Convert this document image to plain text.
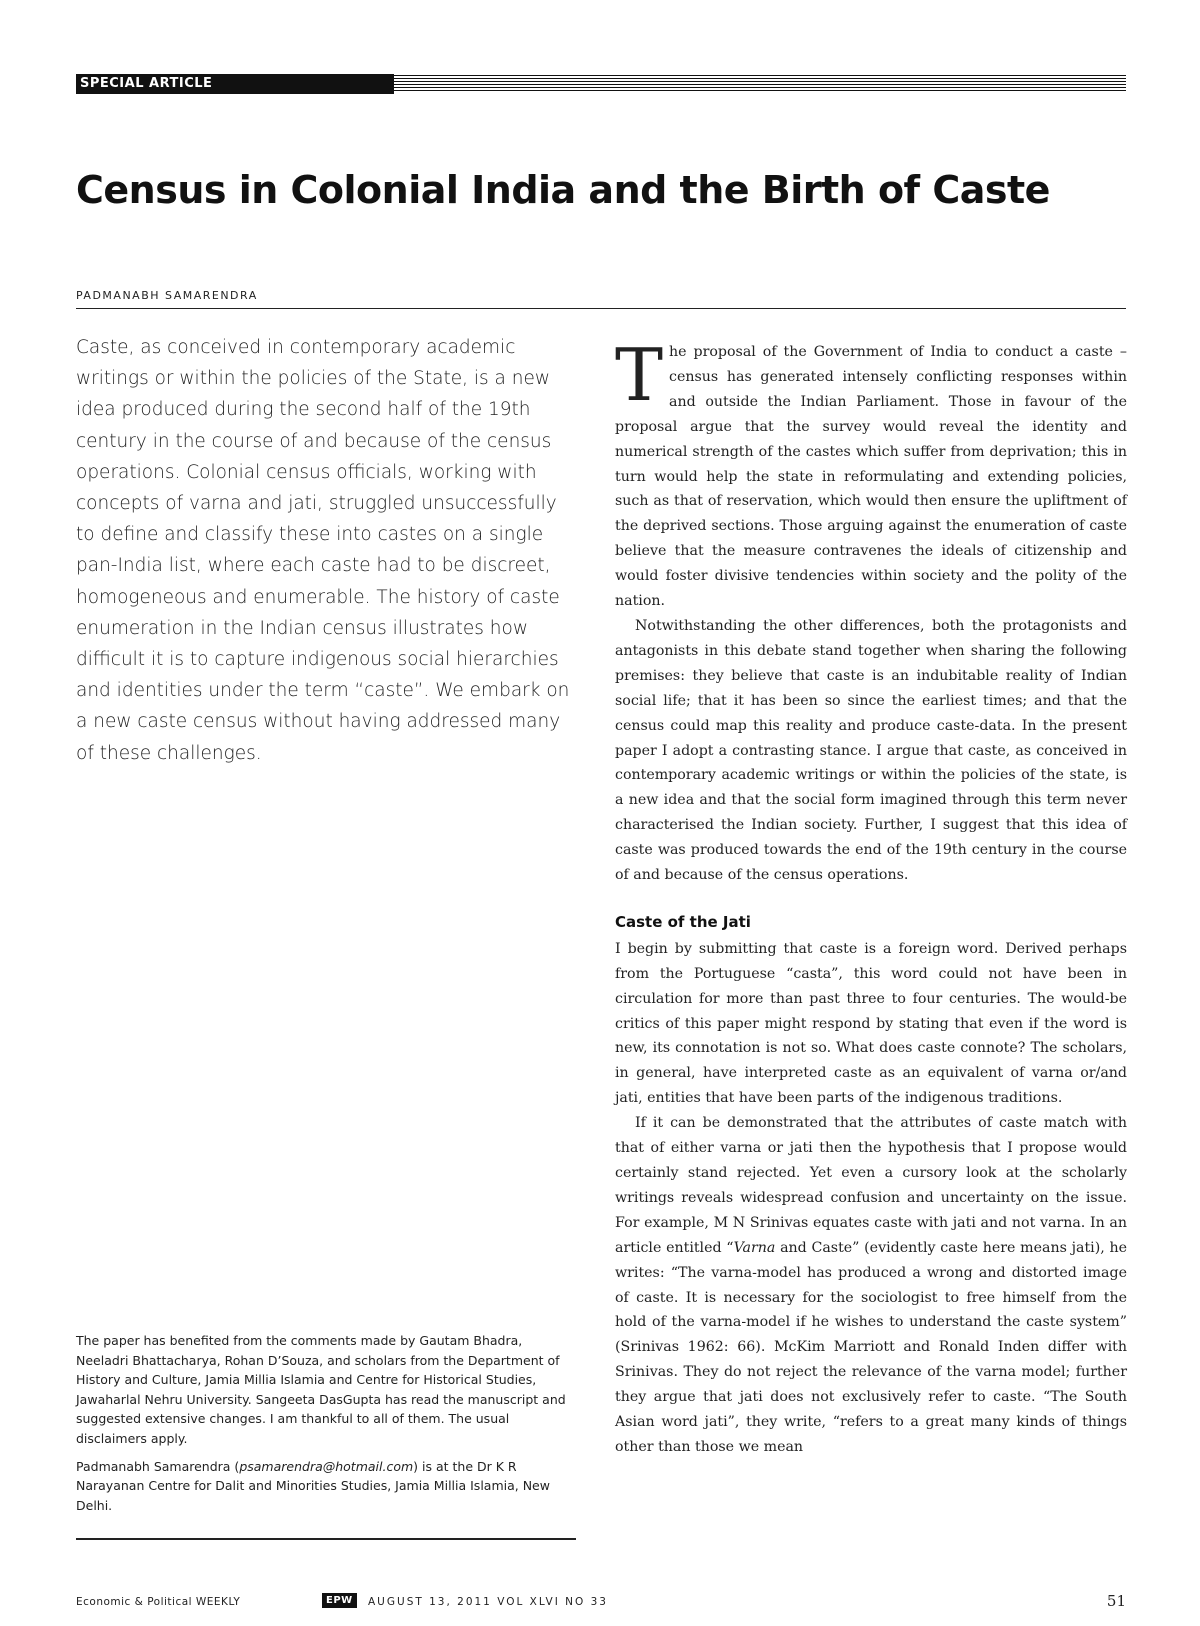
SPECIAL ARTICLE
Census in Colonial India and the Birth of Caste
PADMANABH SAMARENDRA

Caste, as conceived in contemporary academic writings or within the policies of the State, is a new idea produced during the second half of the 19th century in the course of and because of the census operations. Colonial census officials, working with concepts of varna and jati, struggled unsuccessfully to define and classify these into castes on a single pan-India list, where each caste had to be discreet, homogeneous and enumerable. The history of caste enumeration in the Indian census illustrates how difficult it is to capture indigenous social hierarchies and identities under the term “caste”. We embark on a new caste census without having addressed many of these challenges.

The paper has benefited from the comments made by Gautam Bhadra, Neeladri Bhattacharya, Rohan D’Souza, and scholars from the Department of History and Culture, Jamia Millia Islamia and Centre for Historical Studies, Jawaharlal Nehru University. Sangeeta DasGupta has read the manuscript and suggested extensive changes. I am thankful to all of them. The usual disclaimers apply.

Padmanabh Samarendra (psamarendra@hotmail.com) is at the Dr K R Narayanan Centre for Dalit and Minorities Studies, Jamia Millia Islamia, New Delhi.

The proposal of the Government of India to conduct a caste – census has generated intensely conflicting responses within and outside the Indian Parliament. Those in favour of the proposal argue that the survey would reveal the identity and numerical strength of the castes which suffer from deprivation; this in turn would help the state in reformulating and extending policies, such as that of reservation, which would then ensure the upliftment of the deprived sections. Those arguing against the enumeration of caste believe that the measure contravenes the ideals of citizenship and would foster divisive tendencies within society and the polity of the nation.

Notwithstanding the other differences, both the protagonists and antagonists in this debate stand together when sharing the following premises: they believe that caste is an indubitable reality of Indian social life; that it has been so since the earliest times; and that the census could map this reality and produce caste-data. In the present paper I adopt a contrasting stance. I argue that caste, as conceived in contemporary academic writings or within the policies of the state, is a new idea and that the social form imagined through this term never characterised the Indian society. Further, I suggest that this idea of caste was produced towards the end of the 19th century in the course of and because of the census operations.

Caste of the Jati

I begin by submitting that caste is a foreign word. Derived perhaps from the Portuguese “casta”, this word could not have been in circulation for more than past three to four centuries. The would-be critics of this paper might respond by stating that even if the word is new, its connotation is not so. What does caste connote? The scholars, in general, have interpreted caste as an equivalent of varna or/and jati, entities that have been parts of the indigenous traditions.

If it can be demonstrated that the attributes of caste match with that of either varna or jati then the hypothesis that I propose would certainly stand rejected. Yet even a cursory look at the scholarly writings reveals widespread confusion and uncertainty on the issue. For example, M N Srinivas equates caste with jati and not varna. In an article entitled “Varna and Caste” (evidently caste here means jati), he writes: “The varna-model has produced a wrong and distorted image of caste. It is necessary for the sociologist to free himself from the hold of the varna-model if he wishes to understand the caste system” (Srinivas 1962: 66). McKim Marriott and Ronald Inden differ with Srinivas. They do not reject the relevance of the varna model; further they argue that jati does not exclusively refer to caste. “The South Asian word jati”, they write, “refers to a great many kinds of things other than those we mean

Economic & Political WEEKLY	EPW	AUGUST 13, 2011 VOL XLVI NO 33	51
